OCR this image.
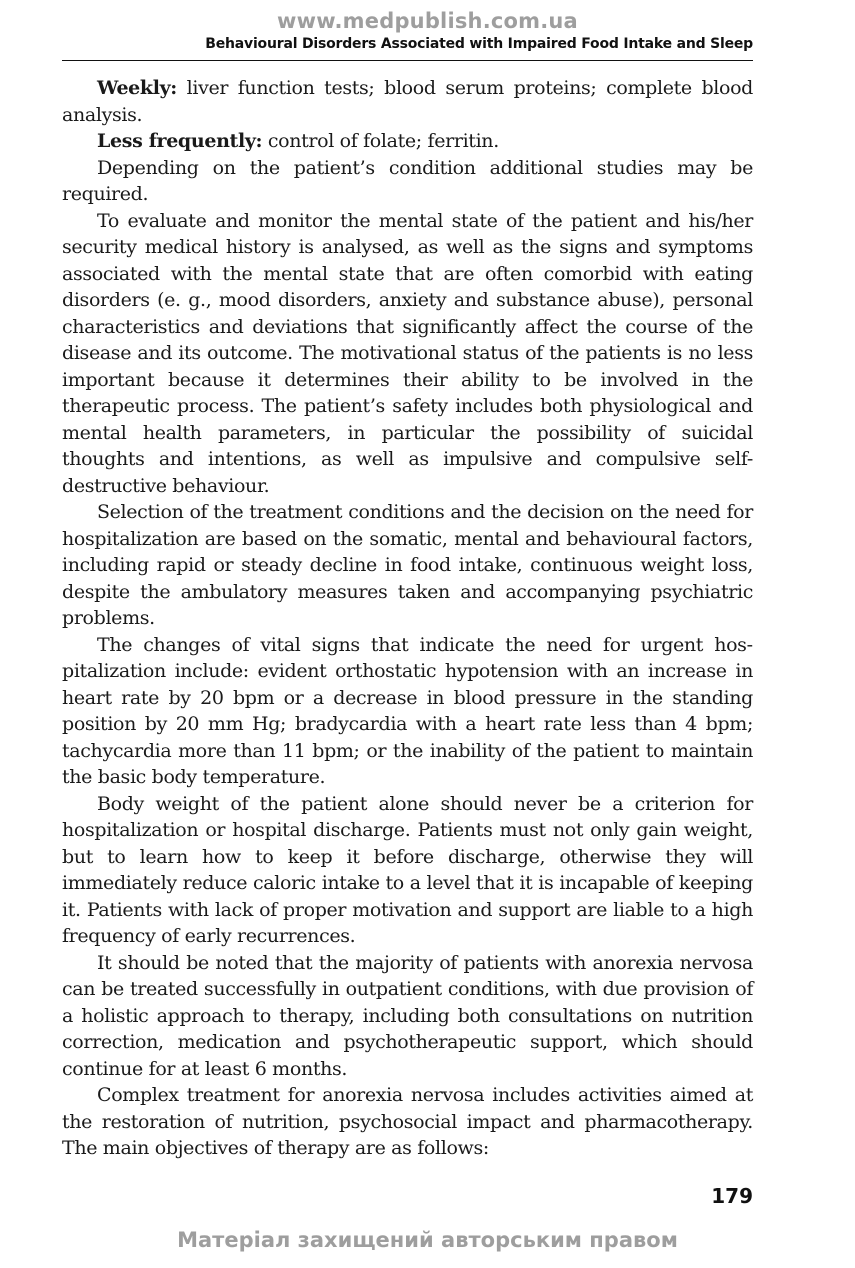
www.medpublish.com.ua
Behavioural Disorders Associated with Impaired Food Intake and Sleep

Weekly: liver function tests; blood serum proteins; complete blood analysis.

Less frequently: control of folate; ferritin.

Depending on the patient’s condition additional studies may be required.

To evaluate and monitor the mental state of the patient and his/her security medical history is analysed, as well as the signs and symptoms associated with the mental state that are often comorbid with eating disorders (e. g., mood disorders, anxiety and substance abuse), personal characteristics and deviations that significantly affect the course of the disease and its outcome. The motivational status of the patients is no less important because it determines their ability to be involved in the therapeutic process. The patient’s safety includes both physiological and mental health parameters, in particular the possibility of suicidal thoughts and intentions, as well as impulsive and compulsive self-destructive behaviour.

Selection of the treatment conditions and the decision on the need for hospitalization are based on the somatic, mental and behavioural factors, including rapid or steady decline in food intake, continuous weight loss, despite the ambulatory measures taken and accompanying psychiatric problems.

The changes of vital signs that indicate the need for urgent hospitalization include: evident orthostatic hypotension with an increase in heart rate by 20 bpm or a decrease in blood pressure in the standing position by 20 mm Hg; bradycardia with a heart rate less than 4 bpm; tachycardia more than 11 bpm; or the inability of the patient to maintain the basic body temperature.

Body weight of the patient alone should never be a criterion for hospitalization or hospital discharge. Patients must not only gain weight, but to learn how to keep it before discharge, otherwise they will immediately reduce caloric intake to a level that it is incapable of keeping it. Patients with lack of proper motivation and support are liable to a high frequency of early recurrences.

It should be noted that the majority of patients with anorexia nervosa can be treated successfully in outpatient conditions, with due provision of a holistic approach to therapy, including both consultations on nutrition correction, medication and psychotherapeutic support, which should continue for at least 6 months.

Complex treatment for anorexia nervosa includes activities aimed at the restoration of nutrition, psychosocial impact and pharmacotherapy. The main objectives of therapy are as follows:

179
Матеріал захищений авторським правом
